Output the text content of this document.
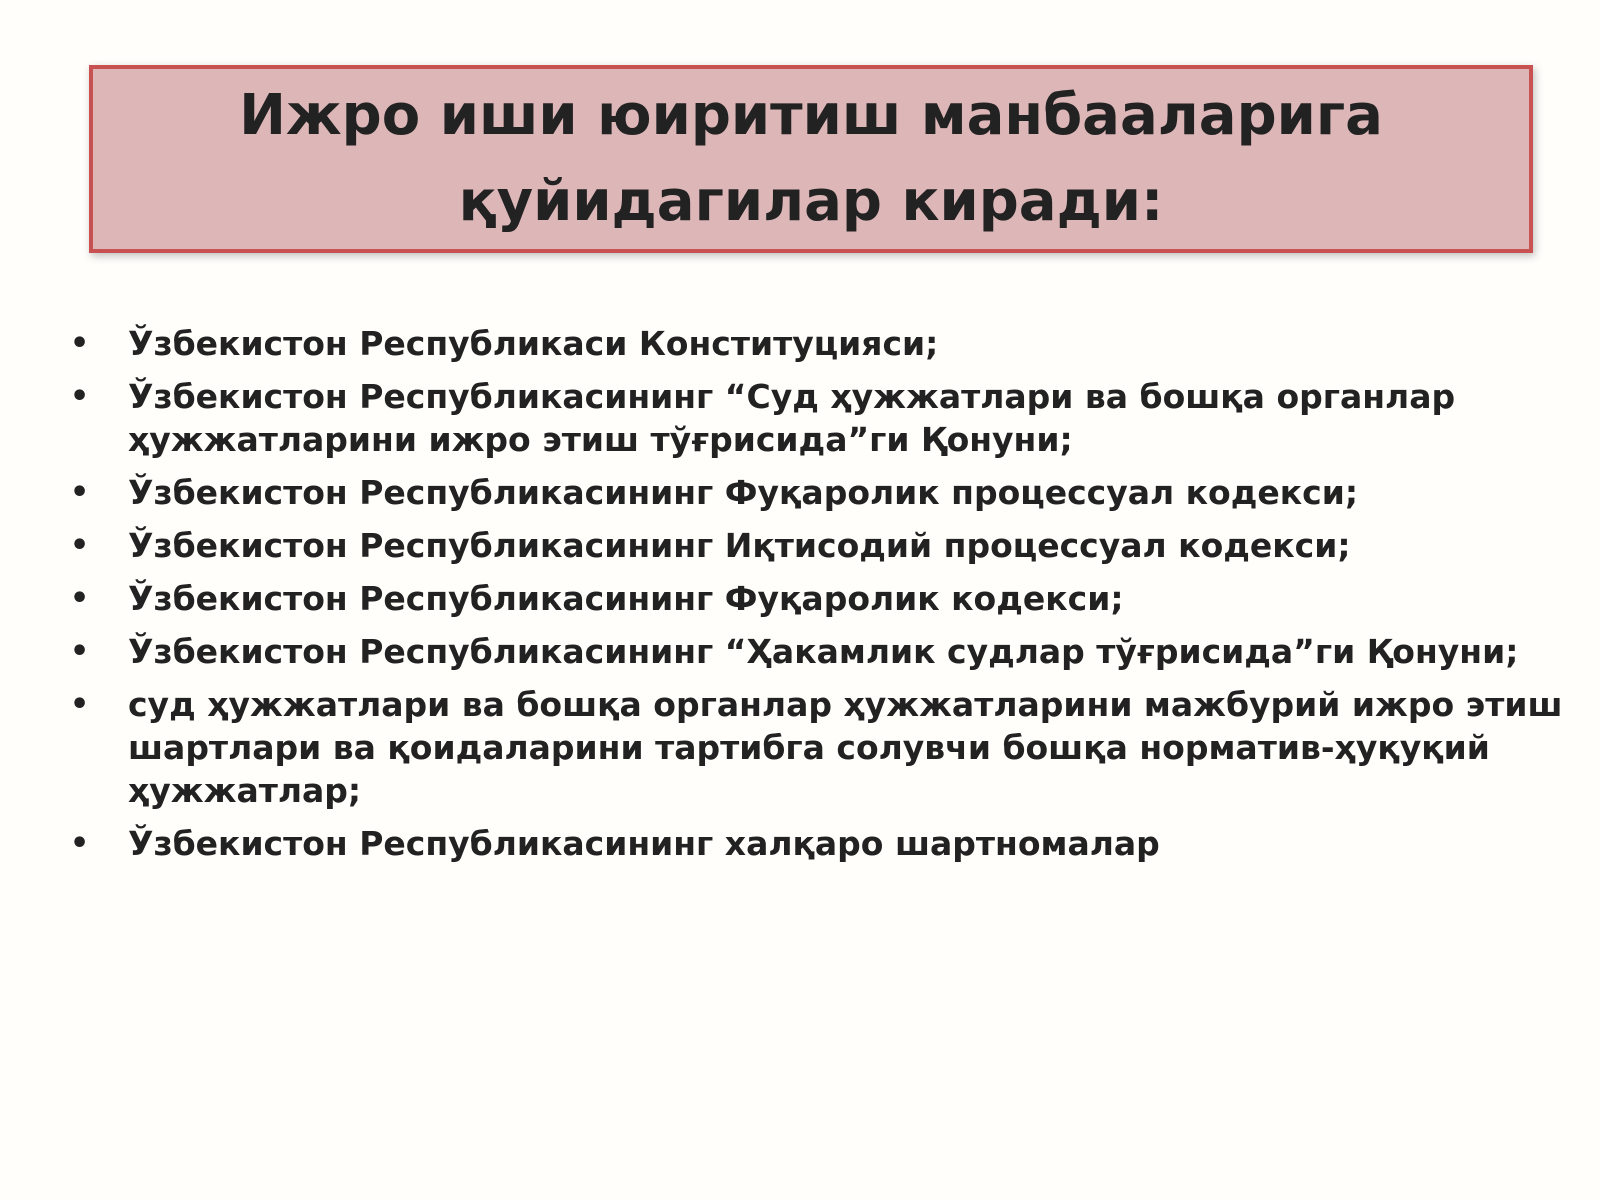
Ижро иши юиритиш манбааларига
қуйидагилар киради:
• Ўзбекистон Республикаси Конституцияси;
• Ўзбекистон Республикасининг “Суд ҳужжатлари ва бошқа органлар ҳужжатларини ижро этиш тўғрисида”ги Қонуни;
• Ўзбекистон Республикасининг Фуқаролик процессуал кодекси;
• Ўзбекистон Республикасининг Иқтисодий процессуал кодекси;
• Ўзбекистон Республикасининг Фуқаролик кодекси;
• Ўзбекистон Республикасининг “Ҳакамлик судлар тўғрисида”ги Қонуни;
• суд ҳужжатлари ва бошқа органлар ҳужжатларини мажбурий ижро этиш шартлари ва қоидаларини тартибга солувчи бошқа норматив-ҳуқуқий ҳужжатлар;
• Ўзбекистон Республикасининг халқаро шартномалар
